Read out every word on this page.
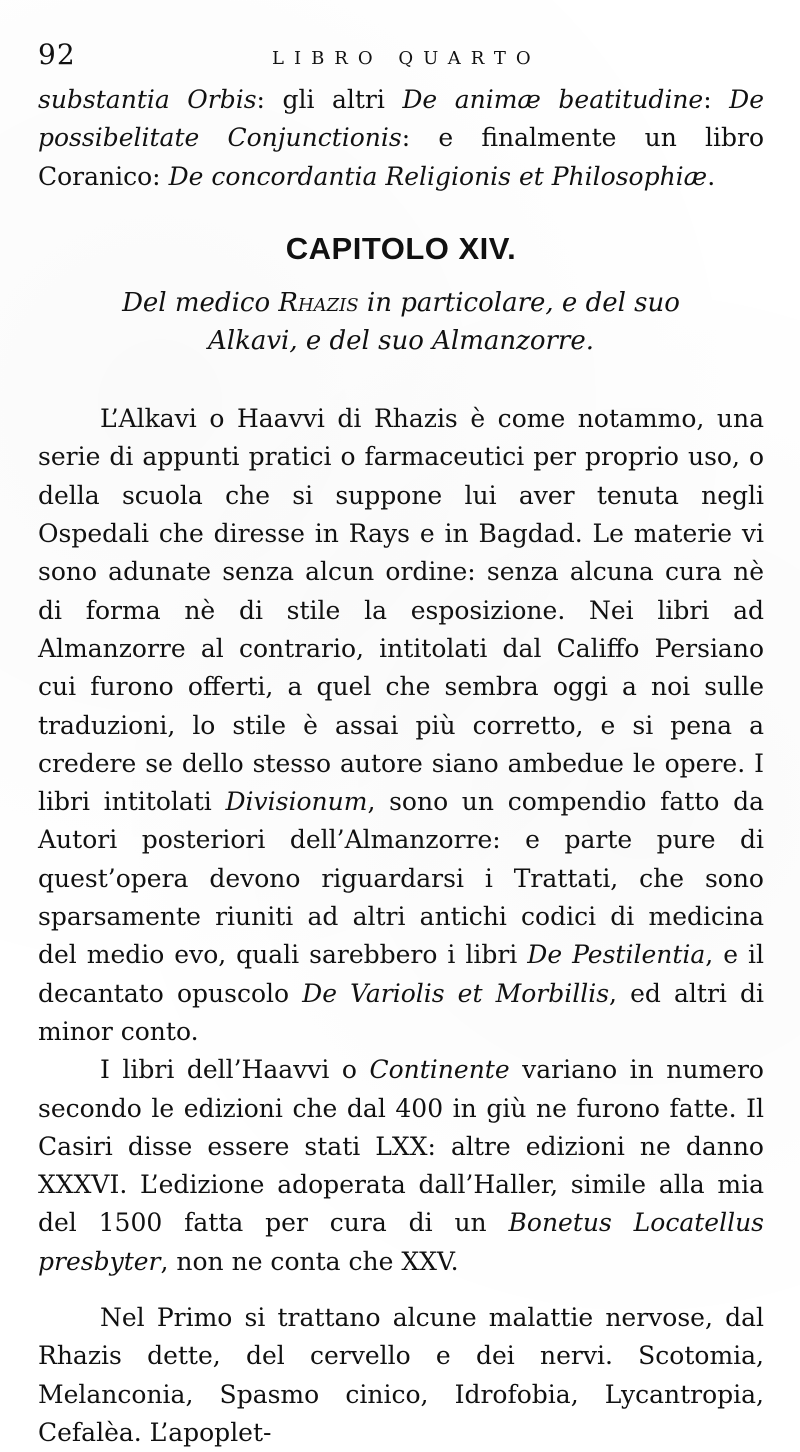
92	LIBRO QUARTO

substantia Orbis: gli altri De animæ beatitudine: De possibelitate Conjunctionis: e finalmente un libro Coranico: De concordantia Religionis et Philosophiæ.

CAPITOLO XIV.
Del medico Rhazis in particolare, e del suo
Alkavi, e del suo Almanzorre.

L’Alkavi o Haavvi di Rhazis è come notammo, una serie di appunti pratici o farmaceutici per proprio uso, o della scuola che si suppone lui aver tenuta negli Ospedali che diresse in Rays e in Bagdad. Le materie vi sono adunate senza alcun ordine: senza alcuna cura nè di forma nè di stile la esposizione. Nei libri ad Almanzorre al contrario, intitolati dal Califfo Persiano cui furono offerti, a quel che sembra oggi a noi sulle traduzioni, lo stile è assai più corretto, e si pena a credere se dello stesso autore siano ambedue le opere. I libri intitolati Divisionum, sono un compendio fatto da Autori posteriori dell’Almanzorre: e parte pure di quest’opera devono riguardarsi i Trattati, che sono sparsamente riuniti ad altri antichi codici di medicina del medio evo, quali sarebbero i libri De Pestilentia, e il decantato opuscolo De Variolis et Morbillis, ed altri di minor conto.

I libri dell’Haavvi o Continente variano in numero secondo le edizioni che dal 400 in giù ne furono fatte. Il Casiri disse essere stati LXX: altre edizioni ne danno XXXVI. L’edizione adoperata dall’Haller, simile alla mia del 1500 fatta per cura di un Bonetus Locatellus presbyter, non ne conta che XXV.

Nel Primo si trattano alcune malattie nervose, dal Rhazis dette, del cervello e dei nervi. Scotomia, Melanconia, Spasmo cinico, Idrofobia, Lycantropia, Cefalèa. L’apoplet-
